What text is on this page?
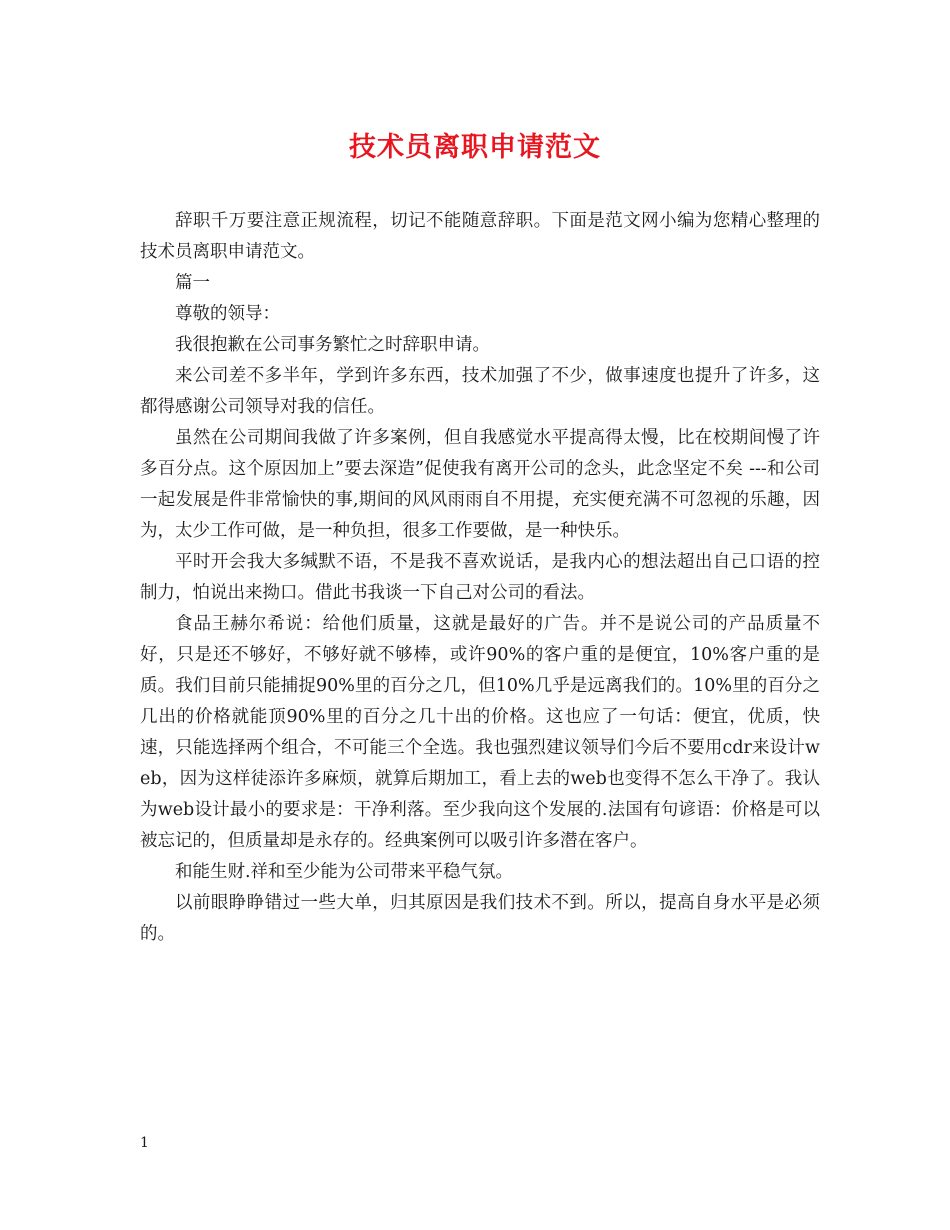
技术员离职申请范文

辞职千万要注意正规流程，切记不能随意辞职。下面是范文网小编为您精心整理的技术员离职申请范文。

篇一

尊敬的领导：

我很抱歉在公司事务繁忙之时辞职申请。

来公司差不多半年，学到许多东西，技术加强了不少，做事速度也提升了许多，这都得感谢公司领导对我的信任。

虽然在公司期间我做了许多案例，但自我感觉水平提高得太慢，比在校期间慢了许多百分点。这个原因加上”要去深造”促使我有离开公司的念头，此念坚定不矣 ---和公司一起发展是件非常愉快的事,期间的风风雨雨自不用提，充实便充满不可忽视的乐趣，因为，太少工作可做，是一种负担，很多工作要做，是一种快乐。

平时开会我大多缄默不语，不是我不喜欢说话，是我内心的想法超出自己口语的控制力，怕说出来拗口。借此书我谈一下自己对公司的看法。

食品王赫尔希说：给他们质量，这就是最好的广告。并不是说公司的产品质量不好，只是还不够好，不够好就不够棒，或许90%的客户重的是便宜，10%客户重的是质。我们目前只能捕捉90%里的百分之几，但10%几乎是远离我们的。10%里的百分之几出的价格就能顶90%里的百分之几十出的价格。这也应了一句话：便宜，优质，快速，只能选择两个组合，不可能三个全选。我也强烈建议领导们今后不要用cdr来设计web，因为这样徒添许多麻烦，就算后期加工，看上去的web也变得不怎么干净了。我认为web设计最小的要求是：干净利落。至少我向这个发展的.法国有句谚语：价格是可以被忘记的，但质量却是永存的。经典案例可以吸引许多潜在客户。

和能生财.祥和至少能为公司带来平稳气氛。

以前眼睁睁错过一些大单，归其原因是我们技术不到。所以，提高自身水平是必须的。

1
